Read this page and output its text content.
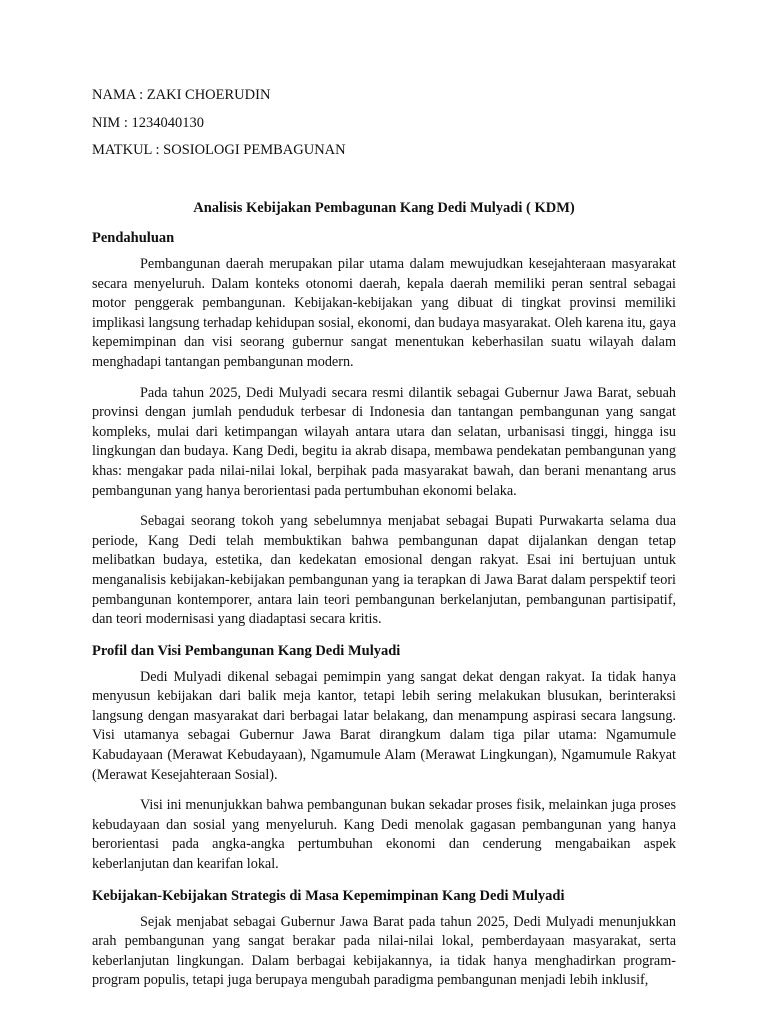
NAMA : ZAKI CHOERUDIN

NIM : 1234040130

MATKUL : SOSIOLOGI PEMBAGUNAN

Analisis Kebijakan Pembagunan Kang Dedi Mulyadi ( KDM)

Pendahuluan

Pembangunan daerah merupakan pilar utama dalam mewujudkan kesejahteraan masyarakat secara menyeluruh. Dalam konteks otonomi daerah, kepala daerah memiliki peran sentral sebagai motor penggerak pembangunan. Kebijakan-kebijakan yang dibuat di tingkat provinsi memiliki implikasi langsung terhadap kehidupan sosial, ekonomi, dan budaya masyarakat. Oleh karena itu, gaya kepemimpinan dan visi seorang gubernur sangat menentukan keberhasilan suatu wilayah dalam menghadapi tantangan pembangunan modern.

Pada tahun 2025, Dedi Mulyadi secara resmi dilantik sebagai Gubernur Jawa Barat, sebuah provinsi dengan jumlah penduduk terbesar di Indonesia dan tantangan pembangunan yang sangat kompleks, mulai dari ketimpangan wilayah antara utara dan selatan, urbanisasi tinggi, hingga isu lingkungan dan budaya. Kang Dedi, begitu ia akrab disapa, membawa pendekatan pembangunan yang khas: mengakar pada nilai-nilai lokal, berpihak pada masyarakat bawah, dan berani menantang arus pembangunan yang hanya berorientasi pada pertumbuhan ekonomi belaka.

Sebagai seorang tokoh yang sebelumnya menjabat sebagai Bupati Purwakarta selama dua periode, Kang Dedi telah membuktikan bahwa pembangunan dapat dijalankan dengan tetap melibatkan budaya, estetika, dan kedekatan emosional dengan rakyat. Esai ini bertujuan untuk menganalisis kebijakan-kebijakan pembangunan yang ia terapkan di Jawa Barat dalam perspektif teori pembangunan kontemporer, antara lain teori pembangunan berkelanjutan, pembangunan partisipatif, dan teori modernisasi yang diadaptasi secara kritis.

Profil dan Visi Pembangunan Kang Dedi Mulyadi

Dedi Mulyadi dikenal sebagai pemimpin yang sangat dekat dengan rakyat. Ia tidak hanya menyusun kebijakan dari balik meja kantor, tetapi lebih sering melakukan blusukan, berinteraksi langsung dengan masyarakat dari berbagai latar belakang, dan menampung aspirasi secara langsung. Visi utamanya sebagai Gubernur Jawa Barat dirangkum dalam tiga pilar utama: Ngamumule Kabudayaan (Merawat Kebudayaan), Ngamumule Alam (Merawat Lingkungan), Ngamumule Rakyat (Merawat Kesejahteraan Sosial).

Visi ini menunjukkan bahwa pembangunan bukan sekadar proses fisik, melainkan juga proses kebudayaan dan sosial yang menyeluruh. Kang Dedi menolak gagasan pembangunan yang hanya berorientasi pada angka-angka pertumbuhan ekonomi dan cenderung mengabaikan aspek keberlanjutan dan kearifan lokal.

Kebijakan-Kebijakan Strategis di Masa Kepemimpinan Kang Dedi Mulyadi

Sejak menjabat sebagai Gubernur Jawa Barat pada tahun 2025, Dedi Mulyadi menunjukkan arah pembangunan yang sangat berakar pada nilai-nilai lokal, pemberdayaan masyarakat, serta keberlanjutan lingkungan. Dalam berbagai kebijakannya, ia tidak hanya menghadirkan program-program populis, tetapi juga berupaya mengubah paradigma pembangunan menjadi lebih inklusif,
